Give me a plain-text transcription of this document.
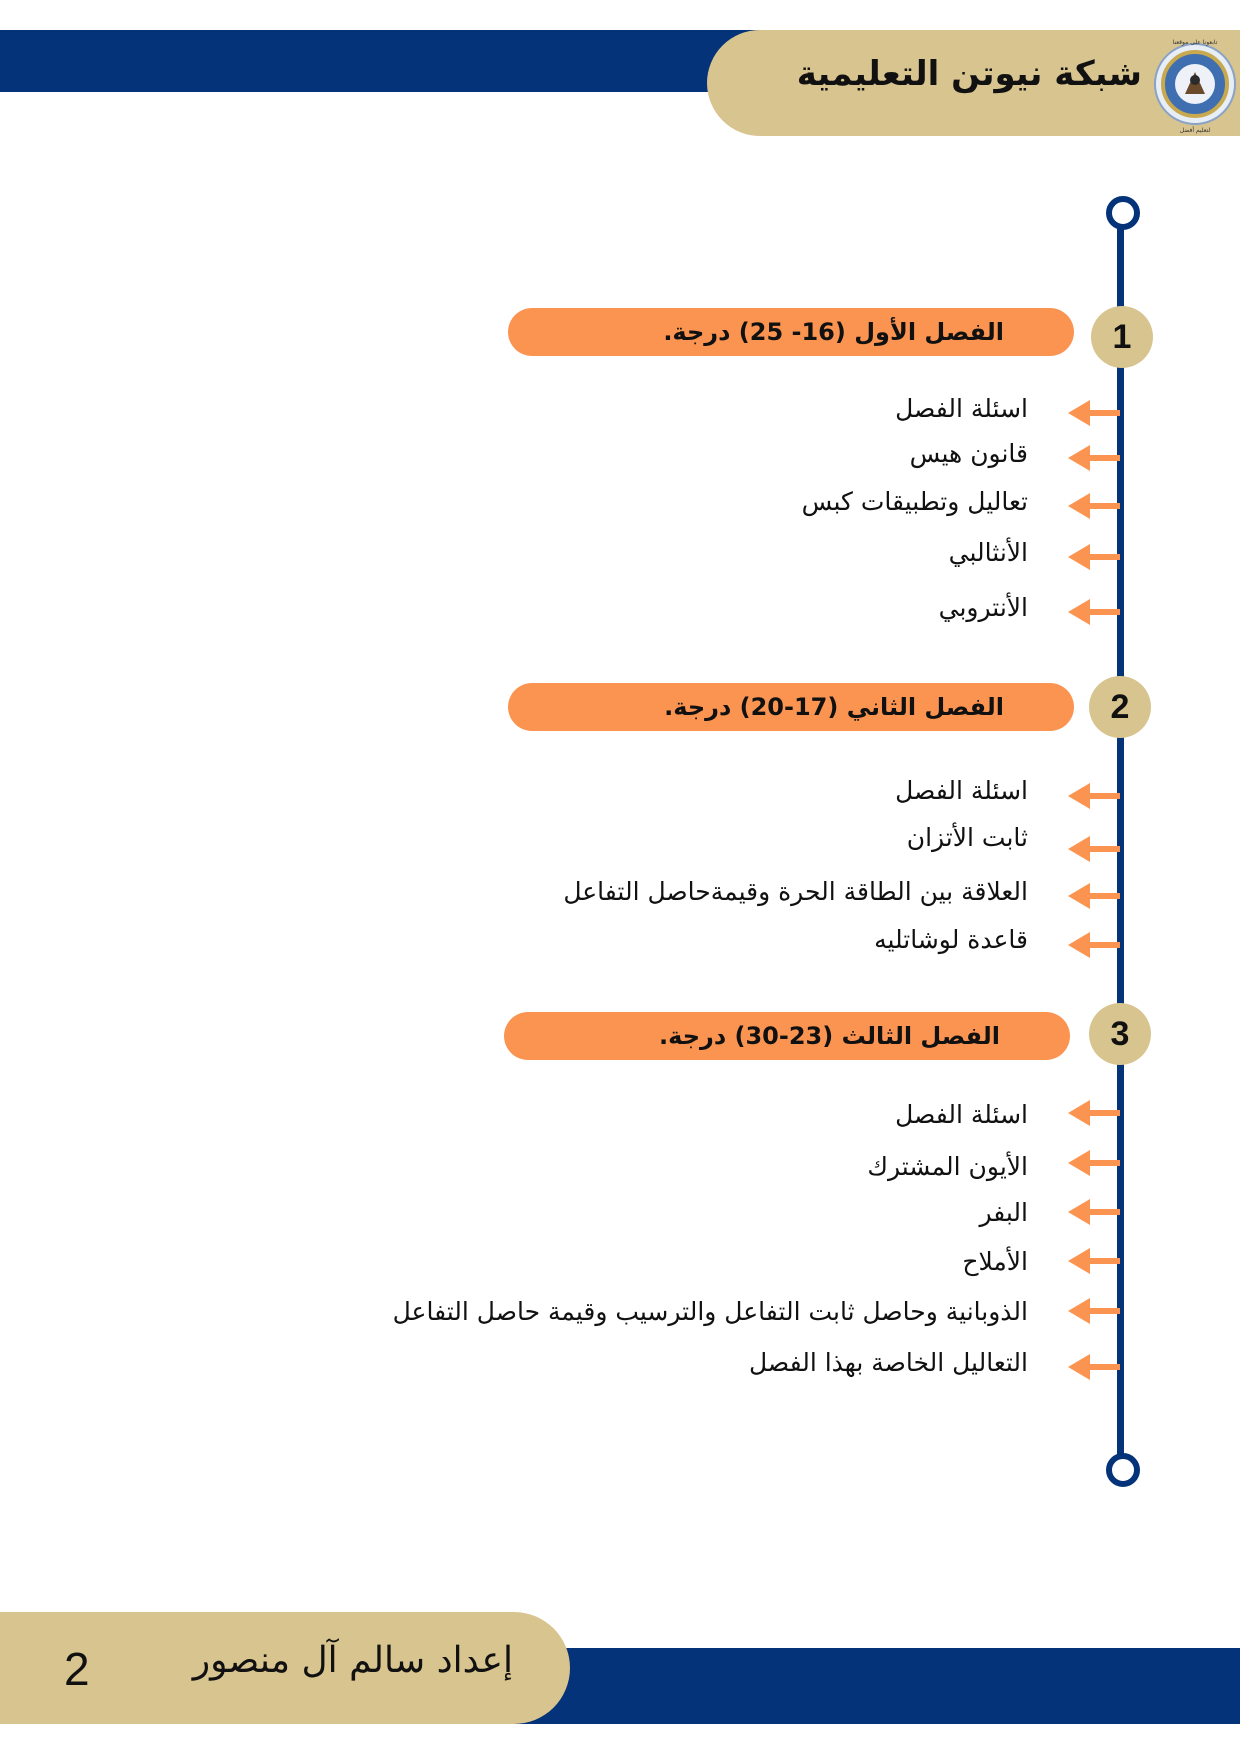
شبكة نيوتن التعليمية
تابعونا على موقعنا
لتعليم أفضل
الفصل الأول (16- 25) درجة.	1
اسئلة الفصل
قانون هيس
تعاليل وتطبيقات كبس
الأنثالبي
الأنتروبي
الفصل الثاني (17-20) درجة.	2
اسئلة الفصل
ثابت الأتزان
العلاقة بين الطاقة الحرة وقيمةحاصل التفاعل
قاعدة لوشاتليه
الفصل الثالث (23-30) درجة.	3
اسئلة الفصل
الأيون المشترك
البفر
الأملاح
الذوبانية وحاصل ثابت التفاعل والترسيب وقيمة حاصل التفاعل
التعاليل الخاصة بهذا الفصل
إعداد سالم آل منصور
2
